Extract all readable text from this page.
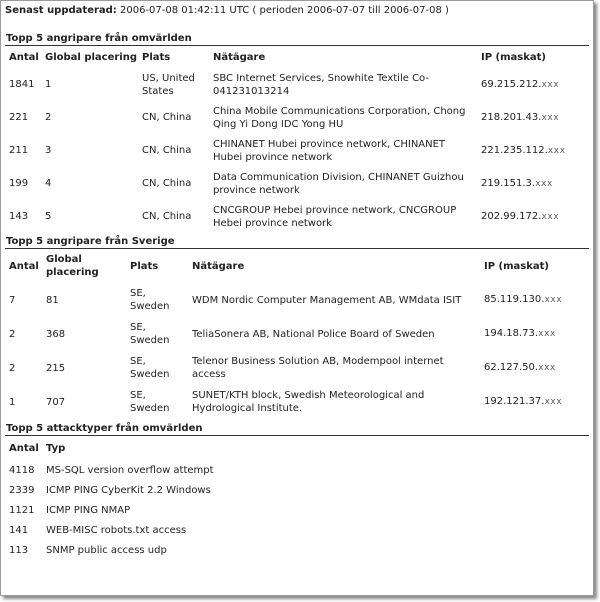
Senast uppdaterad: 2006-07-08 01:42:11 UTC ( perioden 2006-07-07 till 2006-07-08 )
Topp 5 angripare från omvärlden
Antal	Global placering	Plats	Nätägare	IP (maskat)
1841	1	US, United States	SBC Internet Services, Snowhite Textile Co-041231013214	69.215.212.xxx
221	2	CN, China	China Mobile Communications Corporation, Chong Qing Yi Dong IDC Yong HU	218.201.43.xxx
211	3	CN, China	CHINANET Hubei province network, CHINANET Hubei province network	221.235.112.xxx
199	4	CN, China	Data Communication Division, CHINANET Guizhou province network	219.151.3.xxx
143	5	CN, China	CNCGROUP Hebei province network, CNCGROUP Hebei province network	202.99.172.xxx
Topp 5 angripare från Sverige
Antal	Global placering	Plats	Nätägare	IP (maskat)
7	81	SE, Sweden	WDM Nordic Computer Management AB, WMdata ISIT	85.119.130.xxx
2	368	SE, Sweden	TeliaSonera AB, National Police Board of Sweden	194.18.73.xxx
2	215	SE, Sweden	Telenor Business Solution AB, Modempool internet access	62.127.50.xxx
1	707	SE, Sweden	SUNET/KTH block, Swedish Meteorological and Hydrological Institute.	192.121.37.xxx
Topp 5 attacktyper från omvärlden
Antal	Typ
4118	MS-SQL version overflow attempt
2339	ICMP PING CyberKit 2.2 Windows
1121	ICMP PING NMAP
141	WEB-MISC robots.txt access
113	SNMP public access udp
